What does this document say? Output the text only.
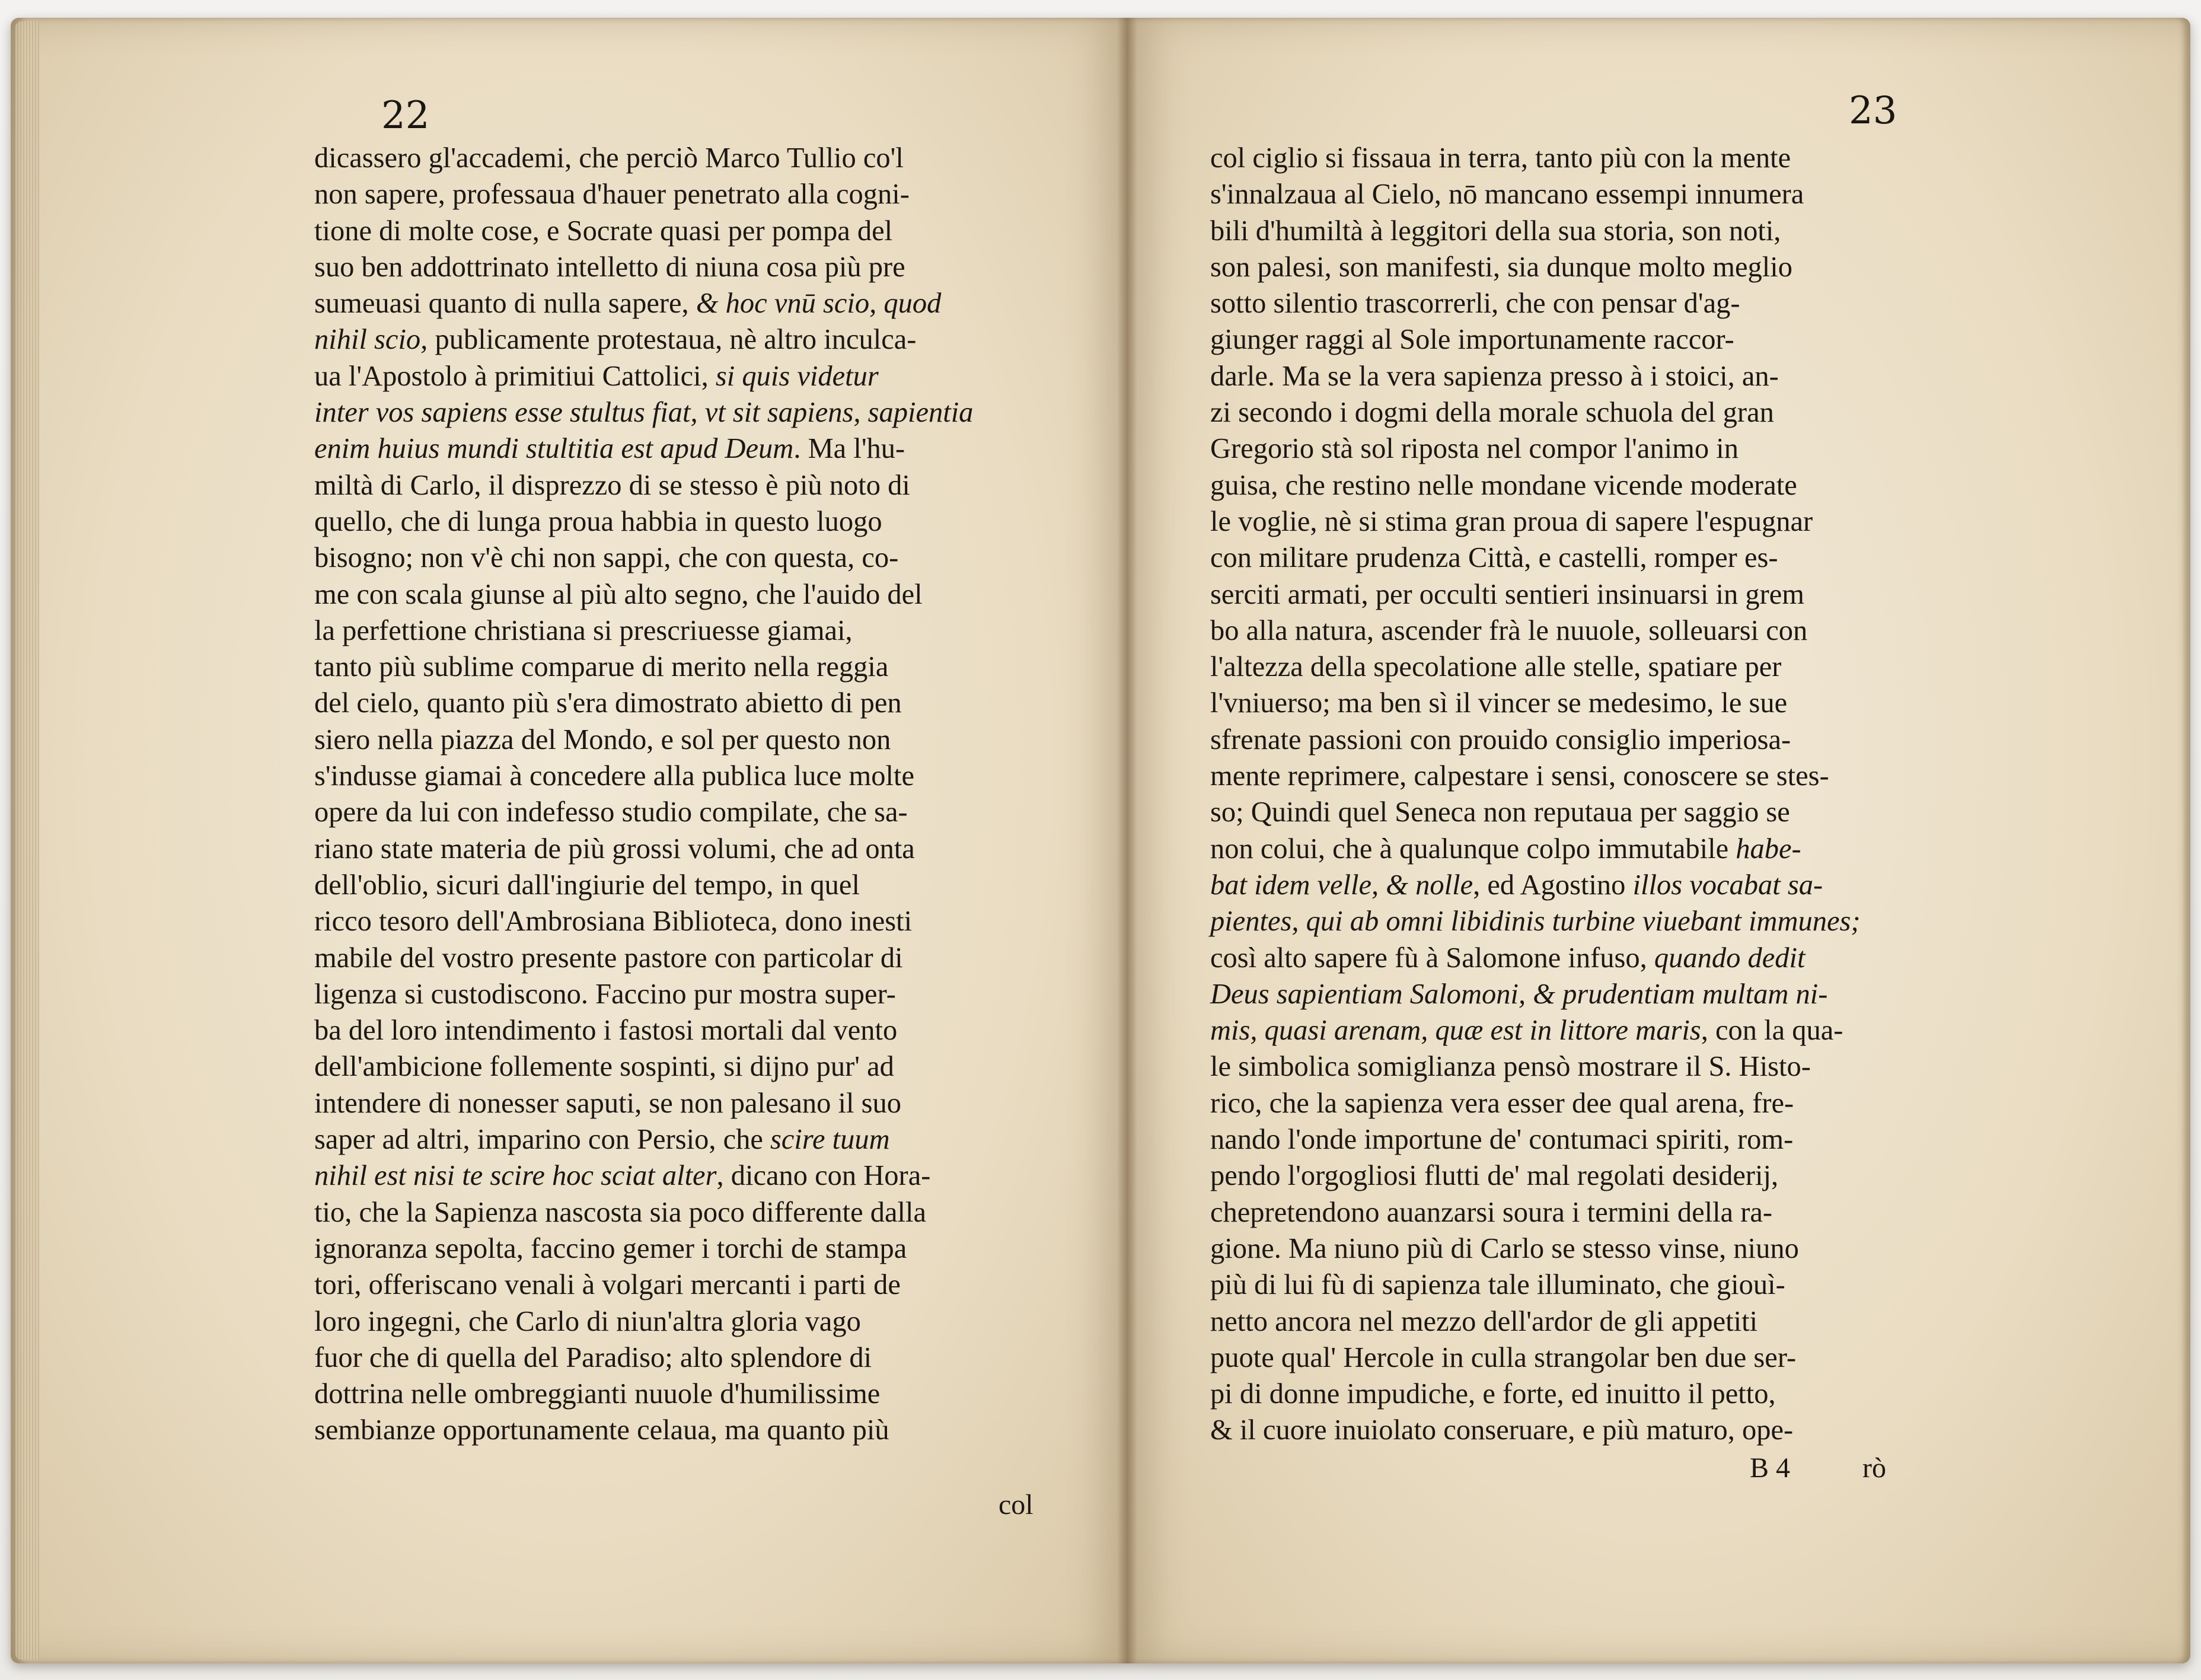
22
dicassero gl'accademi, che perciò Marco Tullio co'l
non sapere, professaua d'hauer penetrato alla cogni-
tione di molte cose, e Socrate quasi per pompa del
suo ben addottrinato intelletto di niuna cosa più pre
sumeuasi quanto di nulla sapere, & hoc vnū scio, quod
nihil scio, publicamente protestaua, nè altro inculca-
ua l'Apostolo à primitiui Cattolici, si quis videtur
inter vos sapiens esse stultus fiat, vt sit sapiens, sapientia
enim huius mundi stultitia est apud Deum. Ma l'hu-
miltà di Carlo, il disprezzo di se stesso è più noto di
quello, che di lunga proua habbia in questo luogo
bisogno; non v'è chi non sappi, che con questa, co-
me con scala giunse al più alto segno, che l'auido del
la perfettione christiana si prescriuesse giamai,
tanto più sublime comparue di merito nella reggia
del cielo, quanto più s'era dimostrato abietto di pen
siero nella piazza del Mondo, e sol per questo non
s'indusse giamai à concedere alla publica luce molte
opere da lui con indefesso studio compilate, che sa-
riano state materia de più grossi volumi, che ad onta
dell'oblio, sicuri dall'ingiurie del tempo, in quel
ricco tesoro dell'Ambrosiana Biblioteca, dono inesti
mabile del vostro presente pastore con particolar di
ligenza si custodiscono. Faccino pur mostra super-
ba del loro intendimento i fastosi mortali dal vento
dell'ambicione follemente sospinti, si dijno pur' ad
intendere di nonesser saputi, se non palesano il suo
saper ad altri, imparino con Persio, che scire tuum
nihil est nisi te scire hoc sciat alter, dicano con Hora-
tio, che la Sapienza nascosta sia poco differente dalla
ignoranza sepolta, faccino gemer i torchi de stampa
tori, offeriscano venali à volgari mercanti i parti de
loro ingegni, che Carlo di niun'altra gloria vago
fuor che di quella del Paradiso; alto splendore di
dottrina nelle ombreggianti nuuole d'humilissime
sembianze opportunamente celaua, ma quanto più
col
23
col ciglio si fissaua in terra, tanto più con la mente
s'innalzaua al Cielo, nō mancano essempi innumera
bili d'humiltà à leggitori della sua storia, son noti,
son palesi, son manifesti, sia dunque molto meglio
sotto silentio trascorrerli, che con pensar d'ag-
giunger raggi al Sole importunamente raccor-
darle. Ma se la vera sapienza presso à i stoici, an-
zi secondo i dogmi della morale schuola del gran
Gregorio stà sol riposta nel compor l'animo in
guisa, che restino nelle mondane vicende moderate
le voglie, nè si stima gran proua di sapere l'espugnar
con militare prudenza Città, e castelli, romper es-
serciti armati, per occulti sentieri insinuarsi in grem
bo alla natura, ascender frà le nuuole, solleuarsi con
l'altezza della specolatione alle stelle, spatiare per
l'vniuerso; ma ben sì il vincer se medesimo, le sue
sfrenate passioni con prouido consiglio imperiosa-
mente reprimere, calpestare i sensi, conoscere se stes-
so; Quindi quel Seneca non reputaua per saggio se
non colui, che à qualunque colpo immutabile habe-
bat idem velle, & nolle, ed Agostino illos vocabat sa-
pientes, qui ab omni libidinis turbine viuebant immunes;
così alto sapere fù à Salomone infuso, quando dedit
Deus sapientiam Salomoni, & prudentiam multam ni-
mis, quasi arenam, quæ est in littore maris, con la qua-
le simbolica somiglianza pensò mostrare il S. Histo-
rico, che la sapienza vera esser dee qual arena, fre-
nando l'onde importune de' contumaci spiriti, rom-
pendo l'orgogliosi flutti de' mal regolati desiderij,
chepretendono auanzarsi soura i termini della ra-
gione. Ma niuno più di Carlo se stesso vinse, niuno
più di lui fù di sapienza tale illuminato, che giouì-
netto ancora nel mezzo dell'ardor de gli appetiti
puote qual' Hercole in culla strangolar ben due ser-
pi di donne impudiche, e forte, ed inuitto il petto,
& il cuore inuiolato conseruare, e più maturo, ope-
B 4	rò
